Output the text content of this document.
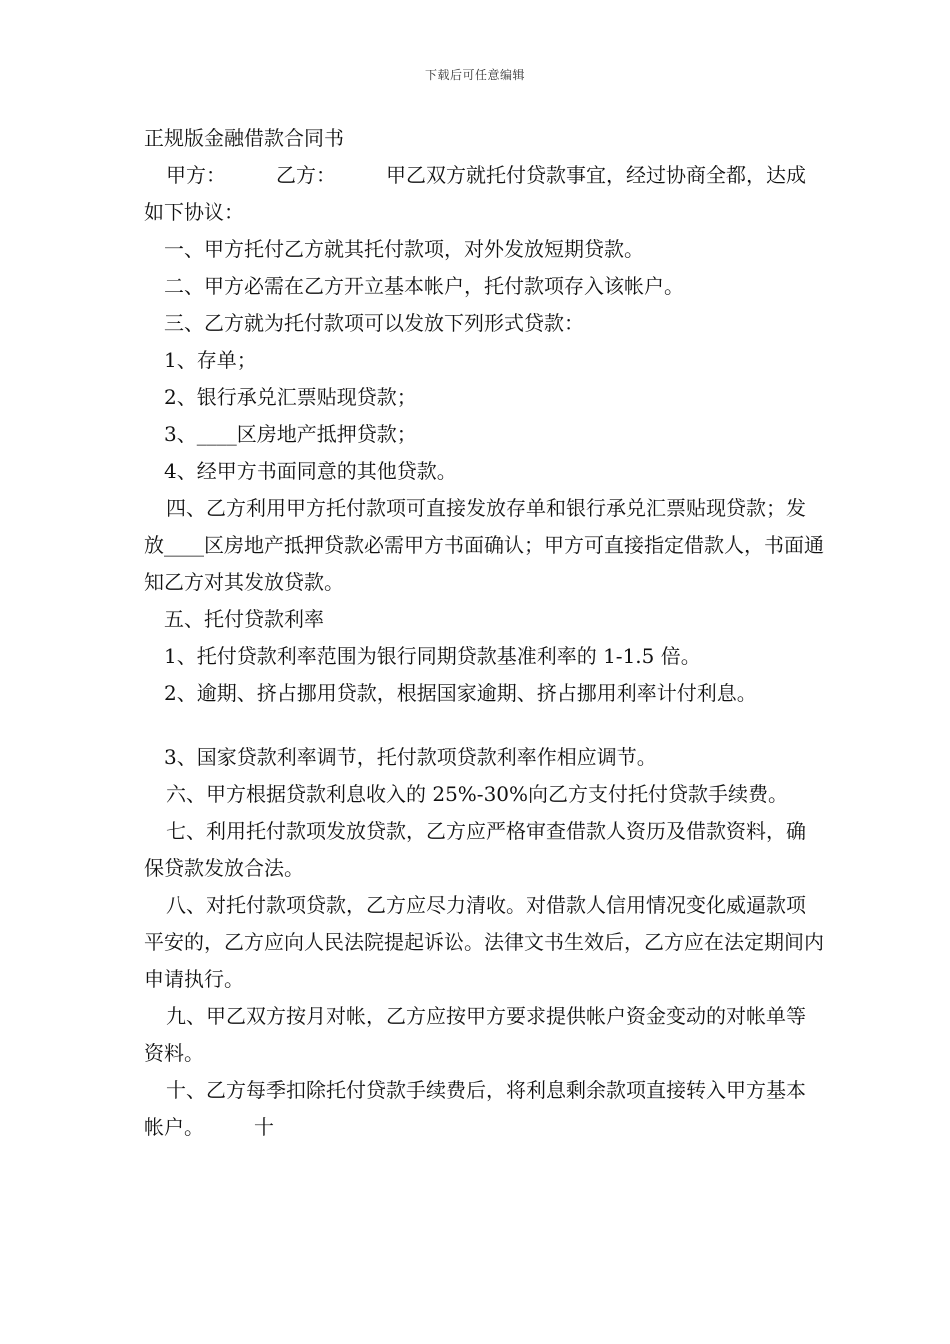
下载后可任意编辑

正规版金融借款合同书

甲方：　　　乙方：　　　甲乙双方就托付贷款事宜，经过协商全都，达成如下协议：

一、甲方托付乙方就其托付款项，对外发放短期贷款。

二、甲方必需在乙方开立基本帐户，托付款项存入该帐户。

三、乙方就为托付款项可以发放下列形式贷款：

1、存单；

2、银行承兑汇票贴现贷款；

3、____区房地产抵押贷款；

4、经甲方书面同意的其他贷款。

四、乙方利用甲方托付款项可直接发放存单和银行承兑汇票贴现贷款；发放____区房地产抵押贷款必需甲方书面确认；甲方可直接指定借款人，书面通知乙方对其发放贷款。

五、托付贷款利率

1、托付贷款利率范围为银行同期贷款基准利率的 1-1.5 倍。

2、逾期、挤占挪用贷款，根据国家逾期、挤占挪用利率计付利息。

3、国家贷款利率调节，托付款项贷款利率作相应调节。

六、甲方根据贷款利息收入的 25%-30%向乙方支付托付贷款手续费。

七、利用托付款项发放贷款，乙方应严格审查借款人资历及借款资料，确保贷款发放合法。

八、对托付款项贷款，乙方应尽力清收。对借款人信用情况变化威逼款项平安的，乙方应向人民法院提起诉讼。法律文书生效后，乙方应在法定期间内申请执行。

九、甲乙双方按月对帐，乙方应按甲方要求提供帐户资金变动的对帐单等资料。

十、乙方每季扣除托付贷款手续费后，将利息剩余款项直接转入甲方基本帐户。　　　十
